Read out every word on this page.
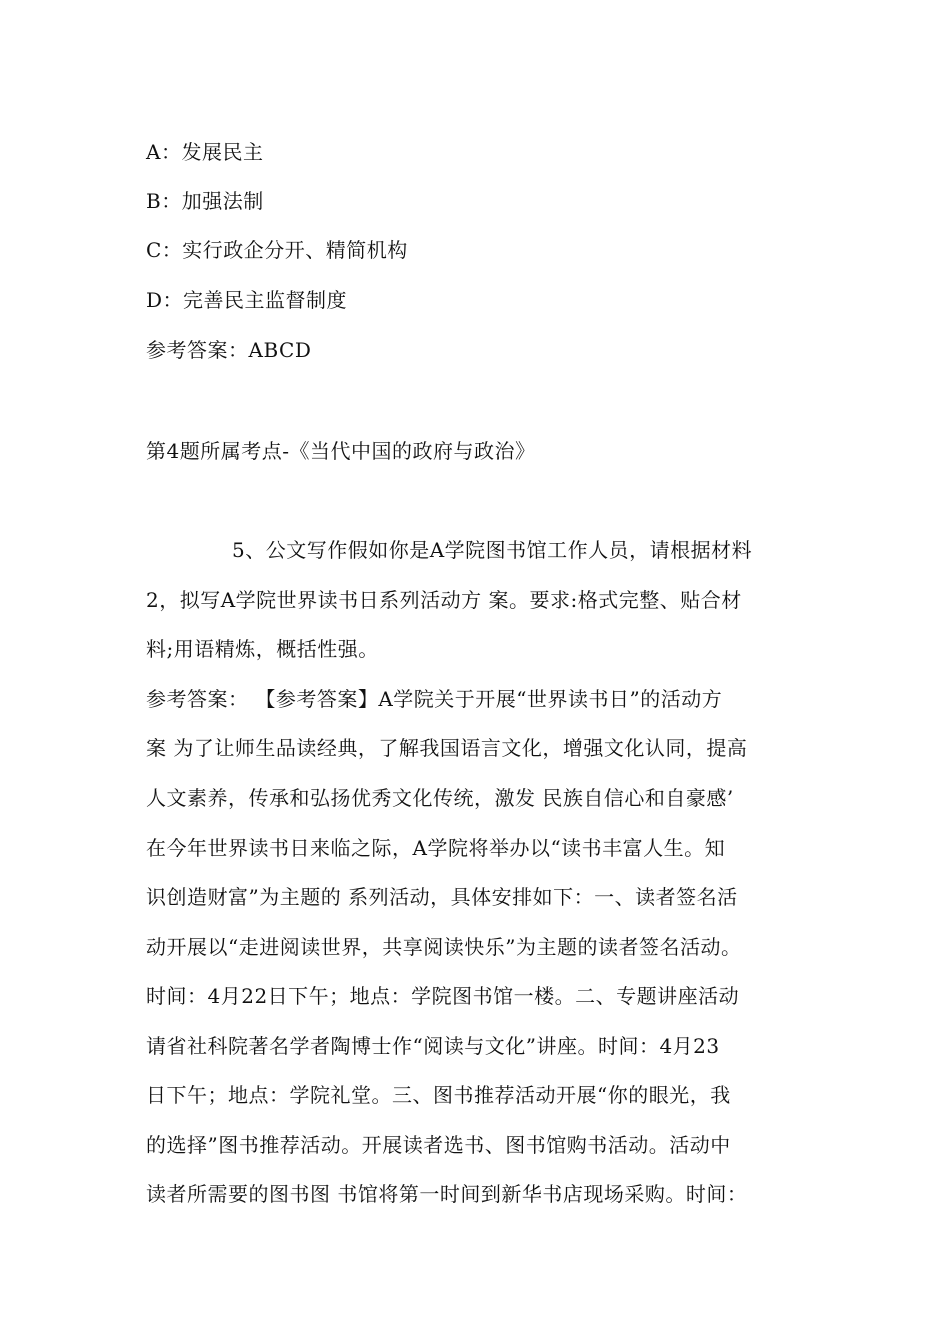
A：发展民主
B：加强法制
C：实行政企分开、精简机构
D：完善民主监督制度
参考答案：ABCD
第4题所属考点-《当代中国的政府与政治》
5、公文写作假如你是A学院图书馆工作人员，请根据材料
2，拟写A学院世界读书日系列活动方 案。要求:格式完整、贴合材
料;用语精炼，概括性强。
参考答案： 【参考答案】A学院关于开展“世界读书日”的活动方
案 为了让师生品读经典，了解我国语言文化，增强文化认同，提高
人文素养，传承和弘扬优秀文化传统，激发 民族自信心和自豪感’
在今年世界读书日来临之际，A学院将举办以“读书丰富人生。知
识创造财富”为主题的 系列活动，具体安排如下：一、读者签名活
动开展以“走进阅读世界，共享阅读快乐”为主题的读者签名活动。
时间：4月22日下午；地点：学院图书馆一楼。二、专题讲座活动
请省社科院著名学者陶博士作“阅读与文化”讲座。时间：4月23
日下午；地点：学院礼堂。三、图书推荐活动开展“你的眼光，我
的选择”图书推荐活动。开展读者选书、图书馆购书活动。活动中
读者所需要的图书图 书馆将第一时间到新华书店现场采购。时间：
